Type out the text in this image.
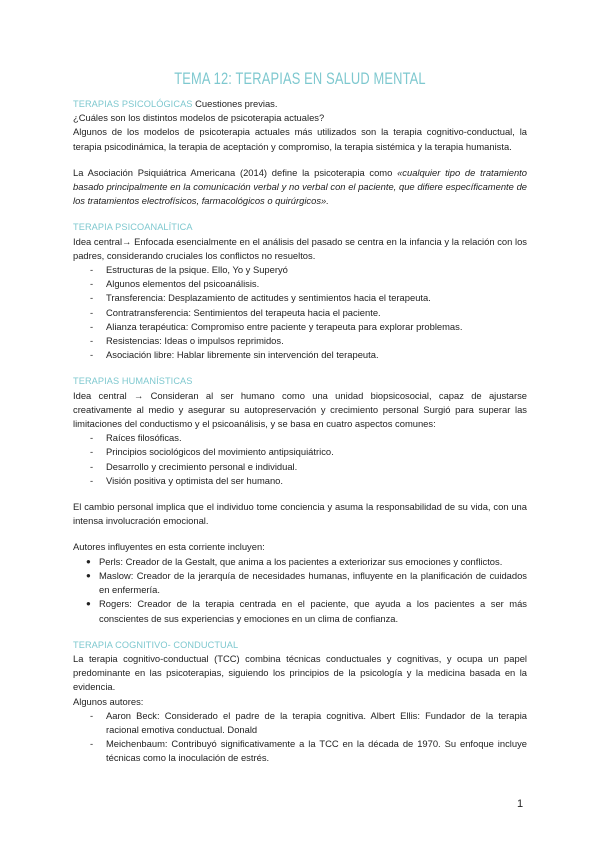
TEMA 12: TERAPIAS EN SALUD MENTAL

TERAPIAS PSICOLÓGICAS Cuestiones previas.

¿Cuáles son los distintos modelos de psicoterapia actuales?

Algunos de los modelos de psicoterapia actuales más utilizados son la terapia cognitivo-conductual, la terapia psicodinámica, la terapia de aceptación y compromiso, la terapia sistémica y la terapia humanista.

La Asociación Psiquiátrica Americana (2014) define la psicoterapia como «cualquier tipo de tratamiento basado principalmente en la comunicación verbal y no verbal con el paciente, que difiere específicamente de los tratamientos electrofísicos, farmacológicos o quirúrgicos».

TERAPIA PSICOANALÍTICA

Idea central→ Enfocada esencialmente en el análisis del pasado se centra en la infancia y la relación con los padres, considerando cruciales los conflictos no resueltos.

- Estructuras de la psique. Ello, Yo y Superyó
- Algunos elementos del psicoanálisis.
- Transferencia: Desplazamiento de actitudes y sentimientos hacia el terapeuta.
- Contratransferencia: Sentimientos del terapeuta hacia el paciente.
- Alianza terapéutica: Compromiso entre paciente y terapeuta para explorar problemas.
- Resistencias: Ideas o impulsos reprimidos.
- Asociación libre: Hablar libremente sin intervención del terapeuta.

TERAPIAS HUMANÍSTICAS

Idea central → Consideran al ser humano como una unidad biopsicosocial, capaz de ajustarse creativamente al medio y asegurar su autopreservación y crecimiento personal Surgió para superar las limitaciones del conductismo y el psicoanálisis, y se basa en cuatro aspectos comunes:

- Raíces filosóficas.
- Principios sociológicos del movimiento antipsiquiátrico.
- Desarrollo y crecimiento personal e individual.
- Visión positiva y optimista del ser humano.

El cambio personal implica que el individuo tome conciencia y asuma la responsabilidad de su vida, con una intensa involucración emocional.

Autores influyentes en esta corriente incluyen:

● Perls: Creador de la Gestalt, que anima a los pacientes a exteriorizar sus emociones y conflictos.
● Maslow: Creador de la jerarquía de necesidades humanas, influyente en la planificación de cuidados en enfermería.
● Rogers: Creador de la terapia centrada en el paciente, que ayuda a los pacientes a ser más conscientes de sus experiencias y emociones en un clima de confianza.

TERAPIA COGNITIVO- CONDUCTUAL

La terapia cognitivo-conductual (TCC) combina técnicas conductuales y cognitivas, y ocupa un papel predominante en las psicoterapias, siguiendo los principios de la psicología y la medicina basada en la evidencia.

Algunos autores:

- Aaron Beck: Considerado el padre de la terapia cognitiva. Albert Ellis: Fundador de la terapia racional emotiva conductual. Donald
- Meichenbaum: Contribuyó significativamente a la TCC en la década de 1970. Su enfoque incluye técnicas como la inoculación de estrés.
1
